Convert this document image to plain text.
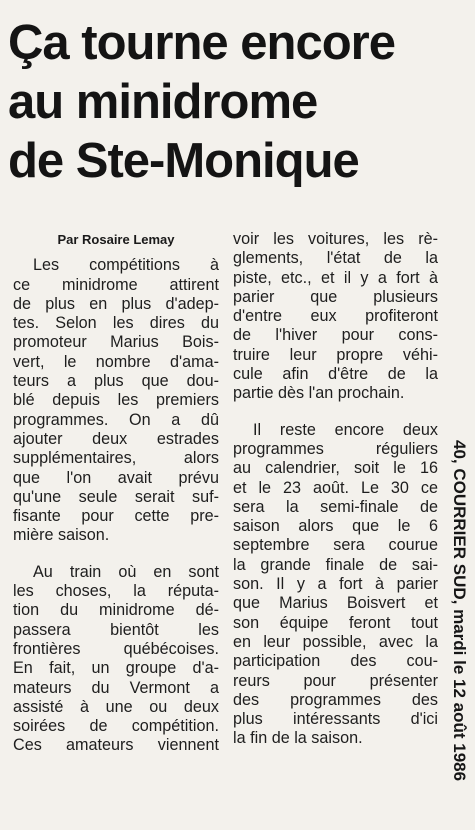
Ça tourne encore
au minidrome
de Ste-Monique
Par Rosaire Lemay
Les compétitions à
ce minidrome attirent
de plus en plus d'adep-
tes. Selon les dires du
promoteur Marius Bois-
vert, le nombre d'ama-
teurs a plus que dou-
blé depuis les premiers
programmes. On a dû
ajouter deux estrades
supplémentaires, alors
que l'on avait prévu
qu'une seule serait suf-
fisante pour cette pre-
mière saison.
Au train où en sont
les choses, la réputa-
tion du minidrome dé-
passera bientôt les
frontières québécoises.
En fait, un groupe d'a-
mateurs du Vermont a
assisté à une ou deux
soirées de compétition.
Ces amateurs viennent
voir les voitures, les rè-
glements, l'état de la
piste, etc., et il y a fort à
parier que plusieurs
d'entre eux profiteront
de l'hiver pour cons-
truire leur propre véhi-
cule afin d'être de la
partie dès l'an prochain.
Il reste encore deux
programmes réguliers
au calendrier, soit le 16
et le 23 août. Le 30 ce
sera la semi-finale de
saison alors que le 6
septembre sera courue
la grande finale de sai-
son. Il y a fort à parier
que Marius Boisvert et
son équipe feront tout
en leur possible, avec la
participation des cou-
reurs pour présenter
des programmes des
plus intéressants d'ici
la fin de la saison.	40, COURRIER SUD, mardi le 12 août 1986
